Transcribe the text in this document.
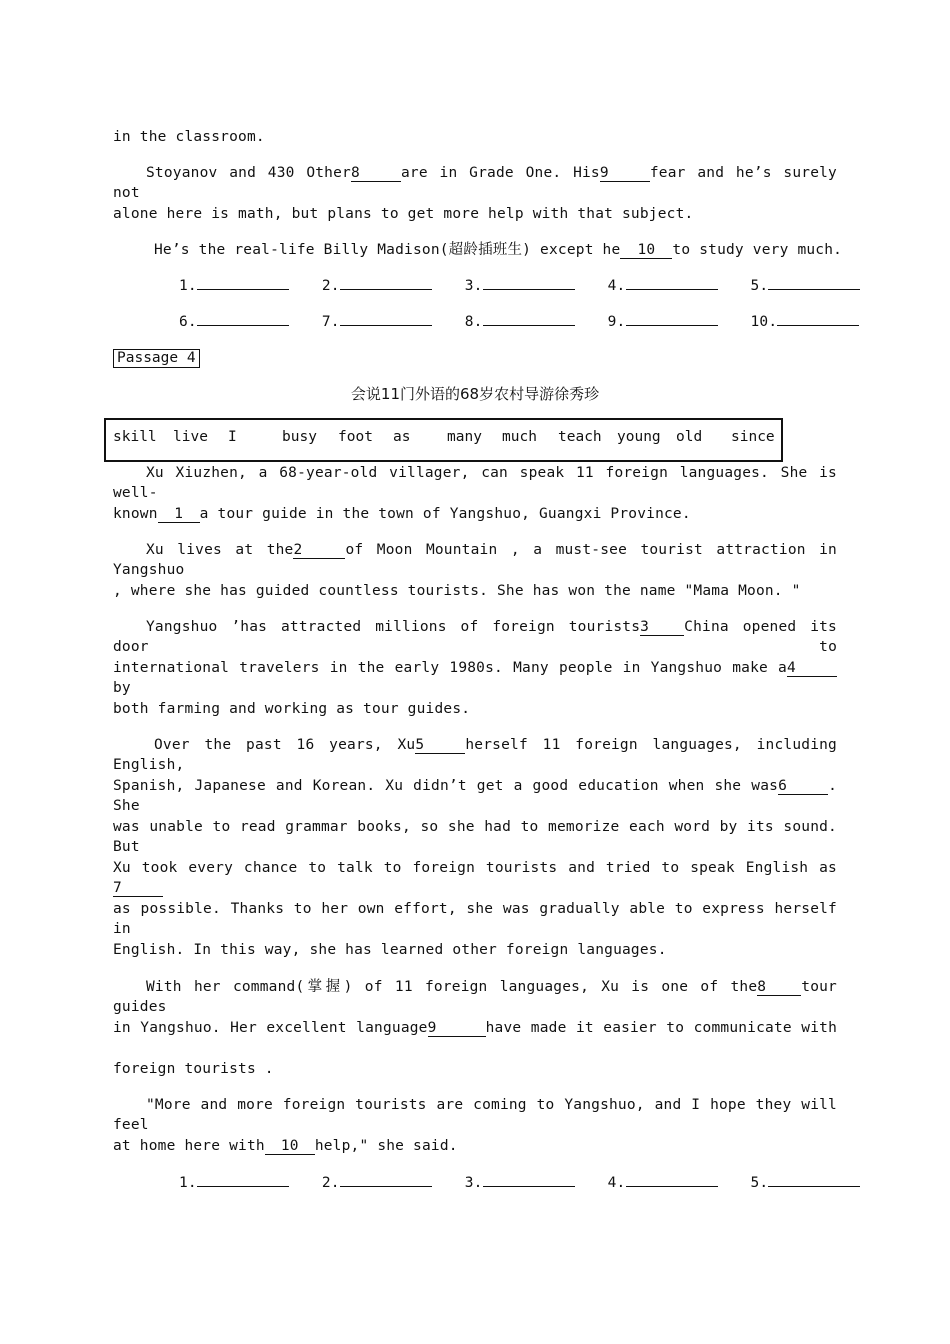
in the classroom.
Stoyanov and 430 Other8	are in Grade One. His9	fear and he’s surely not
alone here is math, but plans to get more help with that subject.
He’s the real-life Billy Madison(超龄插班生) except he 10 to study very much.
1.	2.	3.	4.	5.
6.	7.	8.	9.	10.
Passage 4
会说11门外语的68岁农村导游徐秀珍
skill live I	busy foot as	many much teach young old since
Xu Xiuzhen, a 68-year-old villager, can speak 11 foreign languages. She is well-
known 1 a tour guide in the town of Yangshuo, Guangxi Province.
Xu lives at the2	of Moon Mountain , a must-see tourist attraction in Yangshuo
, where she has guided countless tourists. She has won the name "Mama Moon. "
Yangshuo ’has attracted millions of foreign tourists3 China opened its door to
international travelers in the early 1980s. Many people in Yangshuo make a4by
both farming and working as tour guides.
Over the past 16 years, Xu5	herself 11 foreign languages, including English,
Spanish, Japanese and Korean. Xu didn’t get a good education when she was6	. She
was unable to read grammar books, so she had to memorize each word by its sound. But
Xu took every chance to talk to foreign tourists and tried to speak English as7
as possible. Thanks to her own effort, she was gradually able to express herself in
English. In this way, she has learned other foreign languages.
With her command(掌握) of 11 foreign languages, Xu is one of the8 tour guides
in Yangshuo. Her excellent language9	have made it easier to communicate with
foreign tourists .
"More and more foreign tourists are coming to Yangshuo, and I hope they will feel
at home here with 10 help," she said.
1.	2.	3.	4.	5.
